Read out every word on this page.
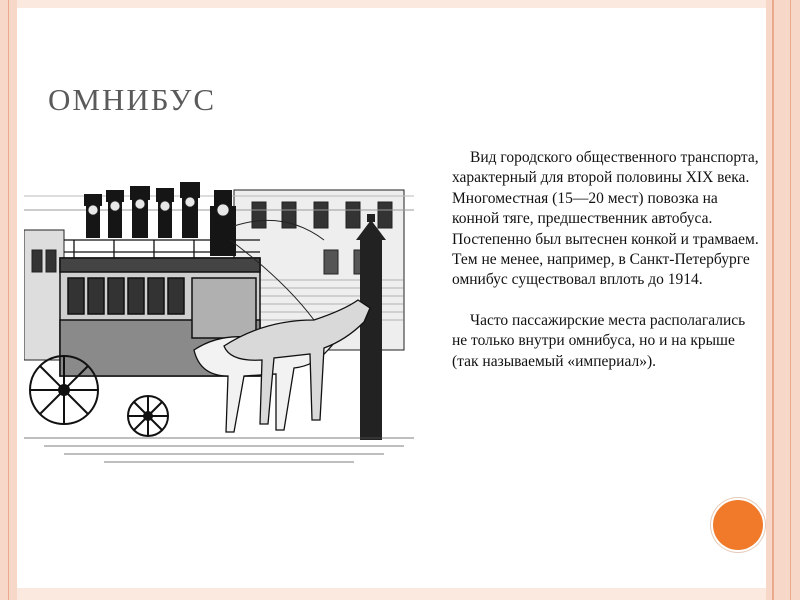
ОМНИБУС

Вид городского общественного транспорта, характерный для второй половины XIX века. Многоместная (15—20 мест) повозка на конной тяге, предшественник автобуса. Постепенно был вытеснен конкой и трамваем. Тем не менее, например, в Санкт-Петербурге омнибус существовал вплоть до 1914.

Часто пассажирские места располагались не только внутри омнибуса, но и на крыше (так называемый «империал»).
